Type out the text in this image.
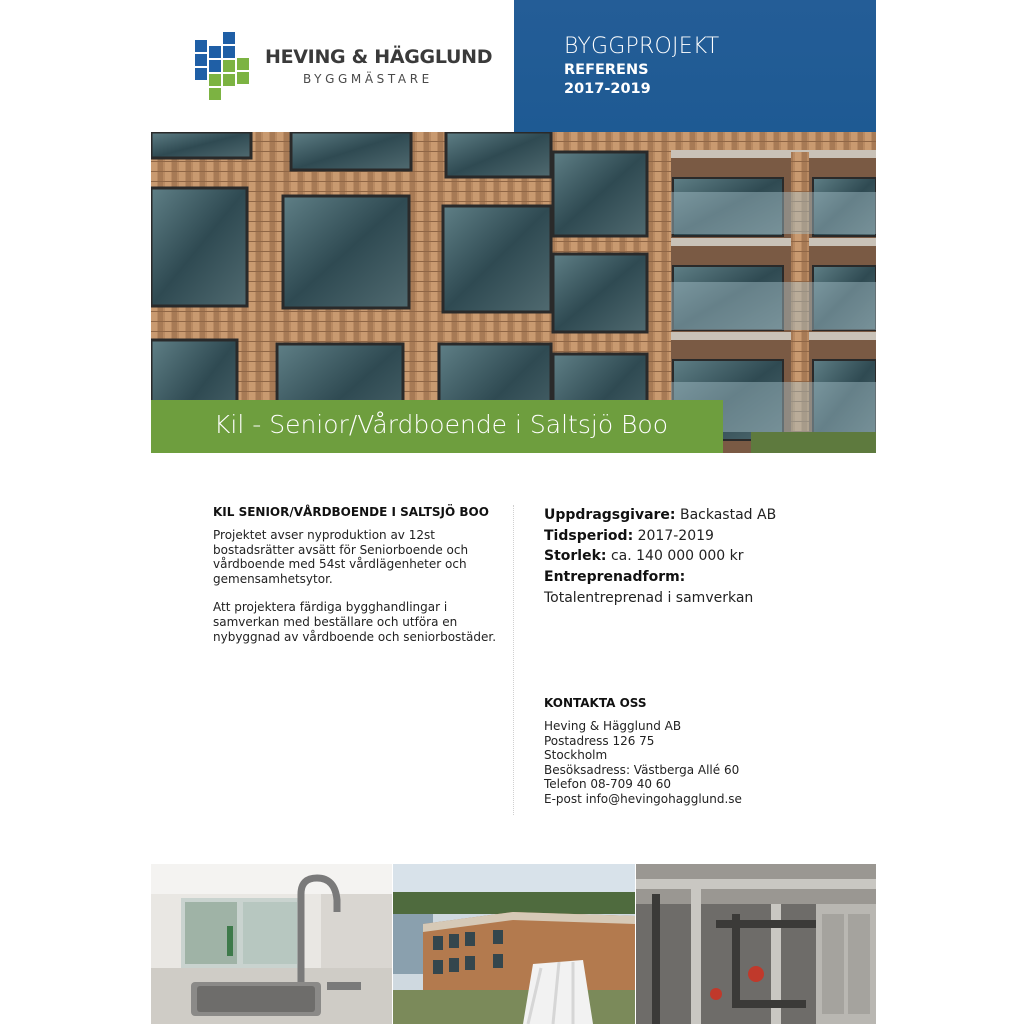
HEVING & HÄGGLUND
BYGGMÄSTARE
BYGGPROJEKT
REFERENS
2017-2019
Kil - Senior/Vårdboende i Saltsjö Boo
KIL SENIOR/VÅRDBOENDE I SALTSJÖ BOO

Projektet avser nyproduktion av 12st bostadsrätter avsätt för Seniorboende och vårdboende med 54st vårdlägenheter och gemensamhetsytor.

Att projektera färdiga bygghandlingar i samverkan med beställare och utföra en nybyggnad av vårdboende och seniorbostäder.

Uppdragsgivare: Backastad AB
Tidsperiod: 2017-2019
Storlek: ca. 140 000 000 kr
Entreprenadform:
Totalentreprenad i samverkan
KONTAKTA OSS
Heving & Hägglund AB
Postadress 126 75
Stockholm
Besöksadress: Västberga Allé 60
Telefon 08-709 40 60
E-post info@hevingohagglund.se
